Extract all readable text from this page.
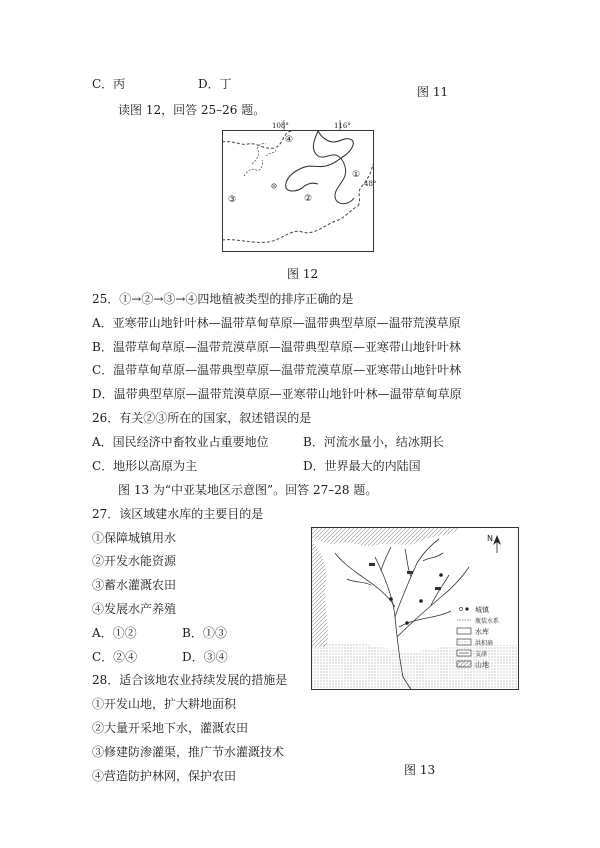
C．丙	D．丁
图 11
读图 12，回答 25–26 题。
108°	116°
48°
④
①
②
③
图 12
25．①→②→③→④四地植被类型的排序正确的是
A．亚寒带山地针叶林—温带草甸草原—温带典型草原—温带荒漠草原
B．温带草甸草原—温带荒漠草原—温带典型草原—亚寒带山地针叶林
C．温带草甸草原—温带典型草原—温带荒漠草原—亚寒带山地针叶林
D．温带典型草原—温带荒漠草原—亚寒带山地针叶林—温带草甸草原
26．有关②③所在的国家，叙述错误的是
A．国民经济中畜牧业占重要地位	B．河流水量小，结冰期长
C．地形以高原为主	D．世界最大的内陆国
图 13 为“中亚某地区示意图”。回答 27–28 题。
27．该区域建水库的主要目的是
①保障城镇用水
②开发水能资源
③蓄水灌溉农田
④发展水产养殖
A．①②	B．①③
C．②④	D．③④
28．适合该地农业持续发展的措施是
①开发山地，扩大耕地面积
②大量开采地下水，灌溉农田
③修建防渗灌渠，推广节水灌溉技术
④营造防护林网，保护农田
N
城镇
瓶装水系
水库
洪积扇
支津
山地
图 13
